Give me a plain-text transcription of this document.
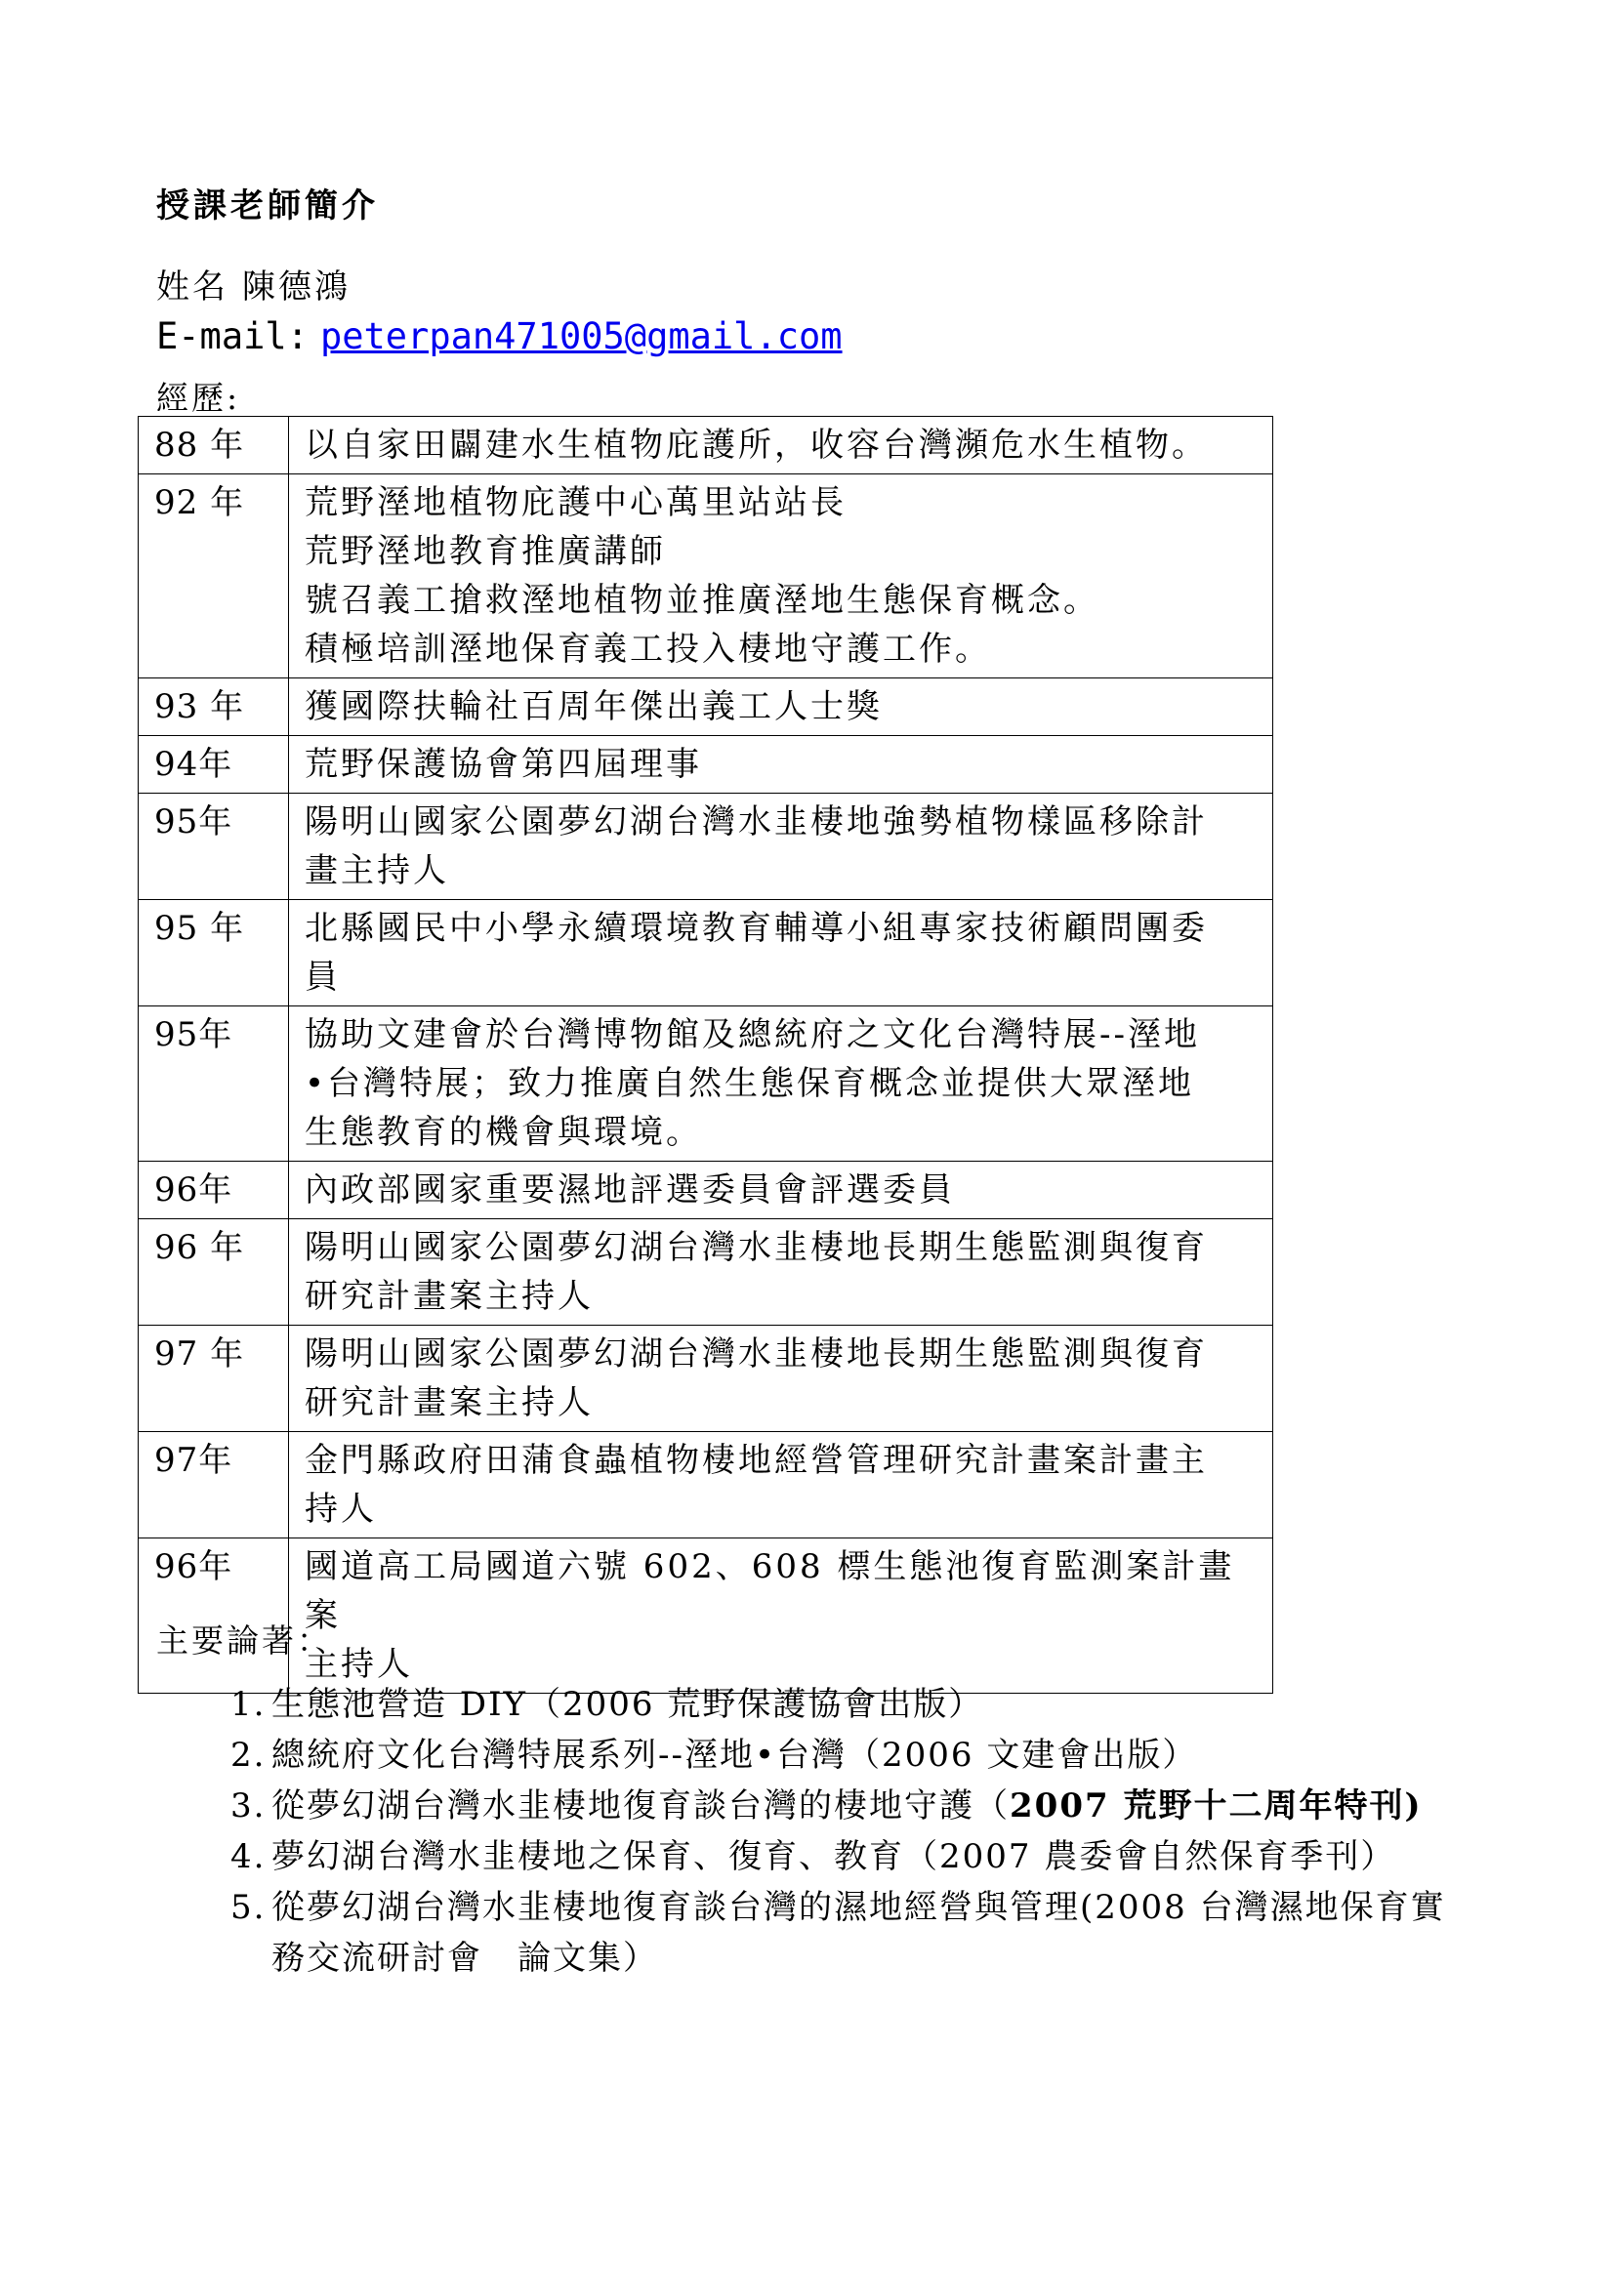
授課老師簡介
姓名 陳德鴻
E-mail: peterpan471005@gmail.com
經歷:
88 年	以自家田闢建水生植物庇護所，收容台灣瀕危水生植物。

92 年	荒野溼地植物庇護中心萬里站站長
荒野溼地教育推廣講師
號召義工搶救溼地植物並推廣溼地生態保育概念。
積極培訓溼地保育義工投入棲地守護工作。

93 年	獲國際扶輪社百周年傑出義工人士獎

94年	荒野保護協會第四屆理事

95年	陽明山國家公園夢幻湖台灣水韭棲地強勢植物樣區移除計
畫主持人

95 年	北縣國民中小學永續環境教育輔導小組專家技術顧問團委
員

95年	協助文建會於台灣博物館及總統府之文化台灣特展--溼地
•台灣特展；致力推廣自然生態保育概念並提供大眾溼地
生態教育的機會與環境。

96年	內政部國家重要濕地評選委員會評選委員

96 年	陽明山國家公園夢幻湖台灣水韭棲地長期生態監測與復育
研究計畫案主持人

97 年	陽明山國家公園夢幻湖台灣水韭棲地長期生態監測與復育
研究計畫案主持人

97年	金門縣政府田蒲食蟲植物棲地經營管理研究計畫案計畫主
持人

96年	國道高工局國道六號 602、608 標生態池復育監測案計畫案
主持人
主要論著：
1. 生態池營造 DIY（2006 荒野保護協會出版）
2. 總統府文化台灣特展系列--溼地•台灣（2006 文建會出版）
3. 從夢幻湖台灣水韭棲地復育談台灣的棲地守護（2007 荒野十二周年特刊)
4. 夢幻湖台灣水韭棲地之保育、復育、教育（2007 農委會自然保育季刊）
5. 從夢幻湖台灣水韭棲地復育談台灣的濕地經營與管理(2008 台灣濕地保育實務交流研討會　論文集）
